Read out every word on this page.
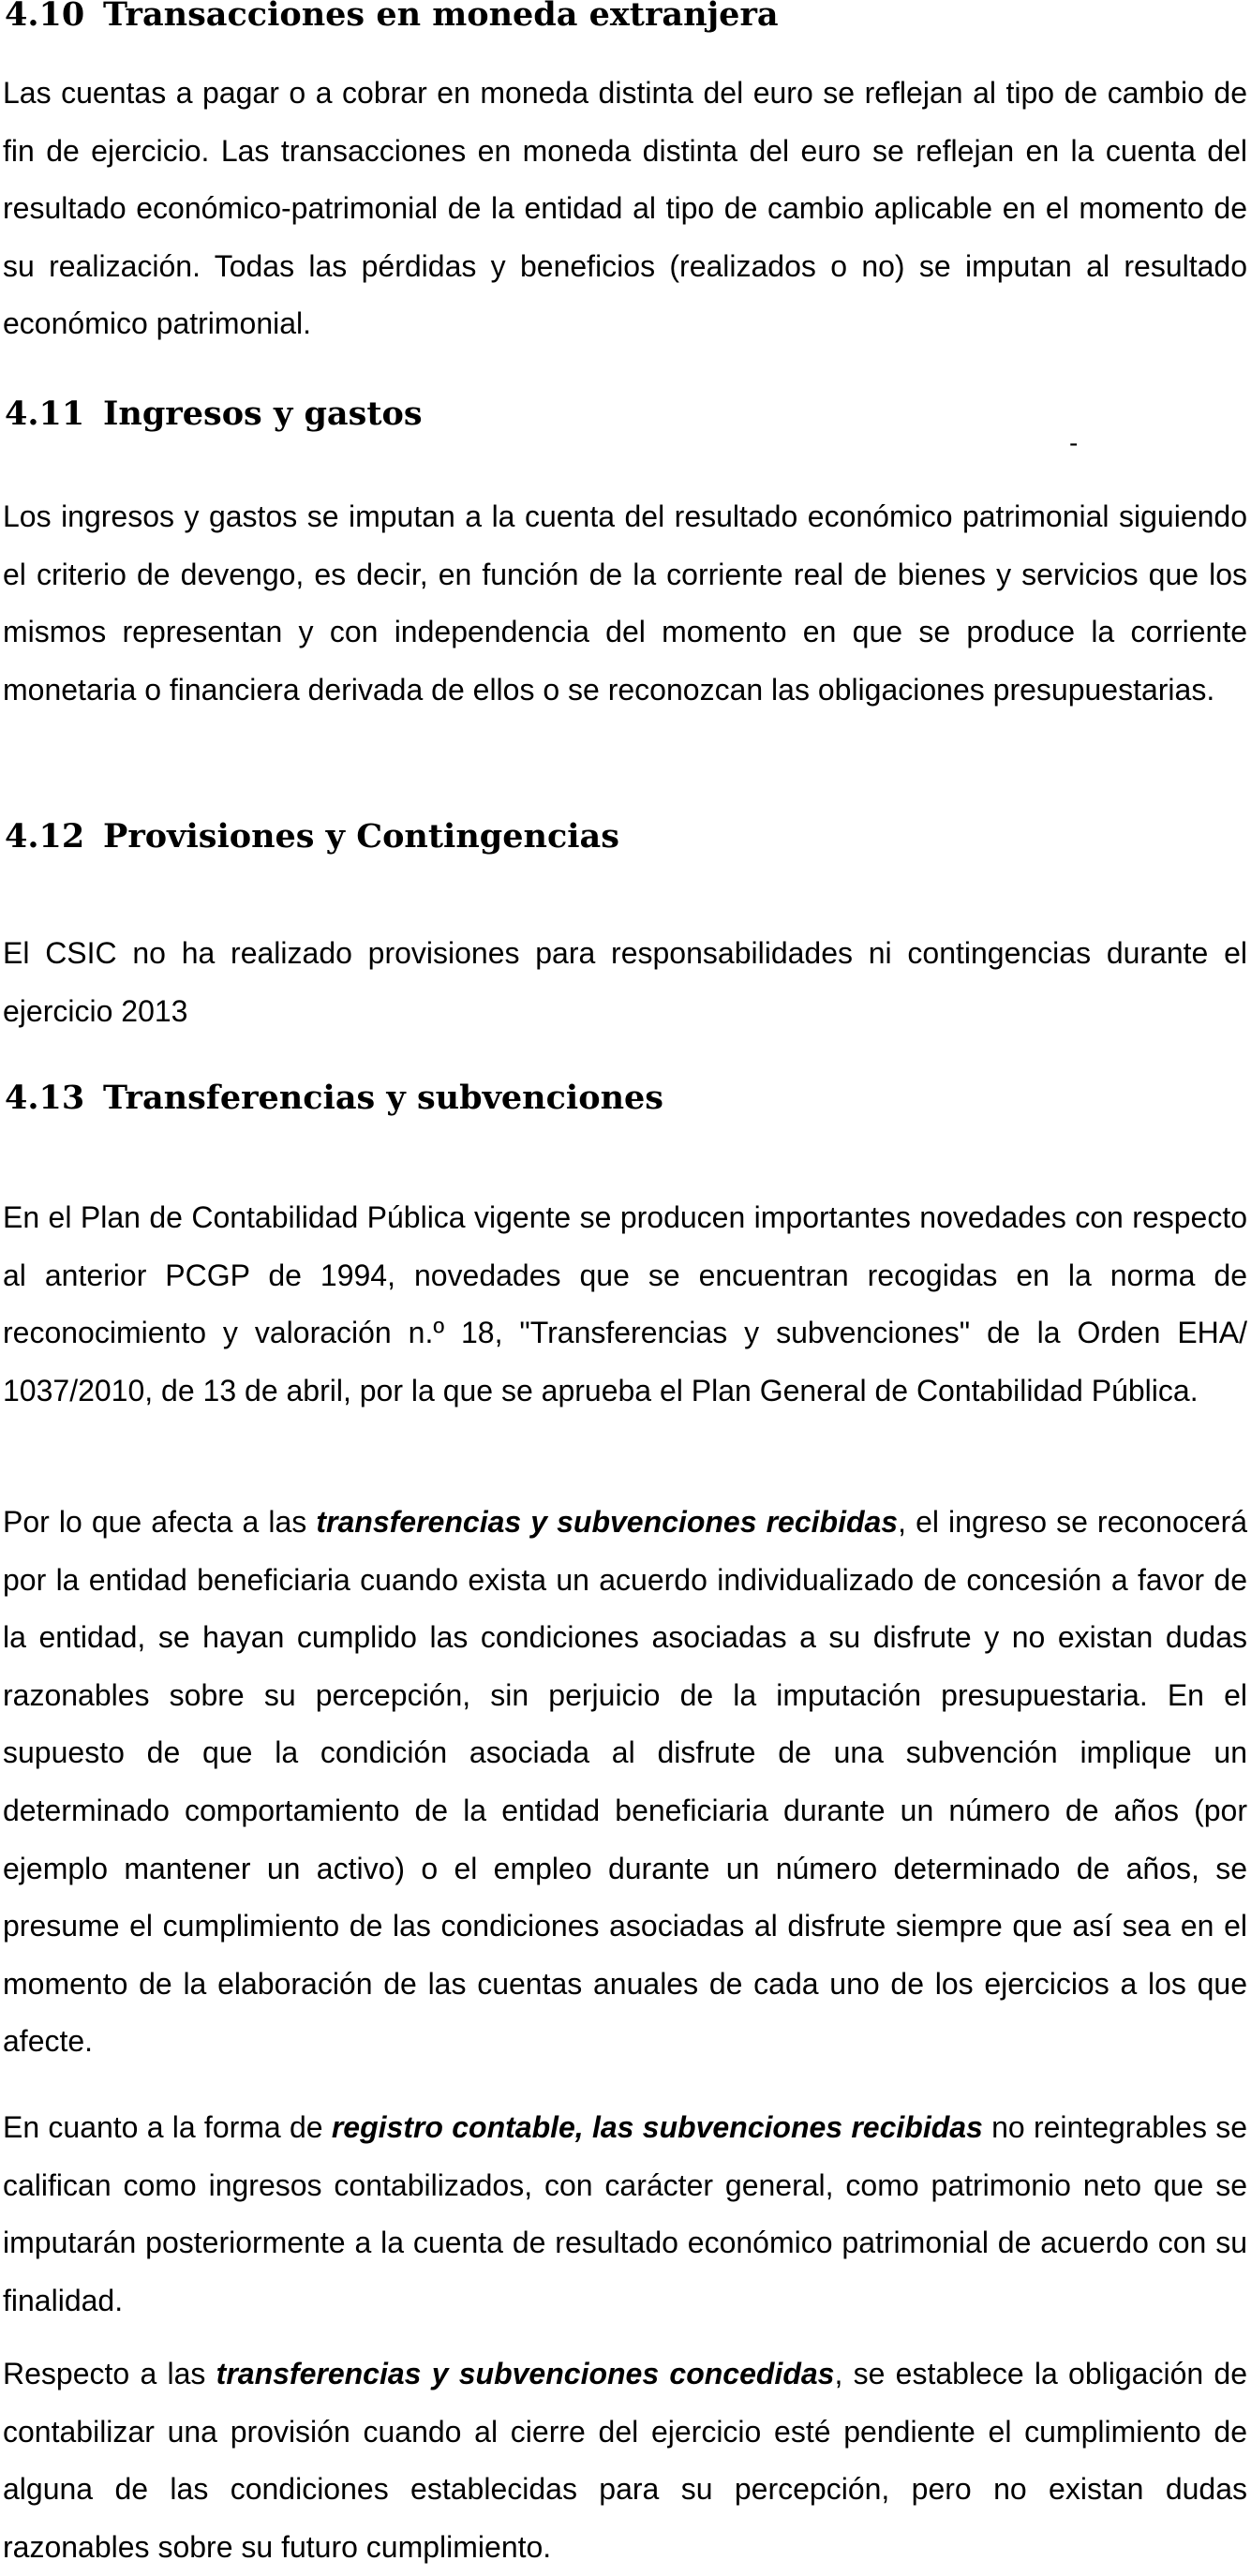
4.10 Transacciones en moneda extranjera

Las cuentas a pagar o a cobrar en moneda distinta del euro se reflejan al tipo de cambio de fin de ejercicio. Las transacciones en moneda distinta del euro se reflejan en la cuenta del resultado económico-patrimonial de la entidad al tipo de cambio aplicable en el momento de su realización. Todas las pérdidas y beneficios (realizados o no) se imputan al resultado económico patrimonial.

4.11 Ingresos y gastos
-

Los ingresos y gastos se imputan a la cuenta del resultado económico patrimonial siguiendo el criterio de devengo, es decir, en función de la corriente real de bienes y servicios que los mismos representan y con independencia del momento en que se produce la corriente monetaria o financiera derivada de ellos o se reconozcan las obligaciones presupuestarias.

4.12 Provisiones y Contingencias

El CSIC no ha realizado provisiones para responsabilidades ni contingencias durante el ejercicio 2013

4.13 Transferencias y subvenciones

En el Plan de Contabilidad Pública vigente se producen importantes novedades con respecto al anterior PCGP de 1994, novedades que se encuentran recogidas en la norma de reconocimiento y valoración n.º 18, "Transferencias y subvenciones" de la Orden EHA/ 1037/2010, de 13 de abril, por la que se aprueba el Plan General de Contabilidad Pública.

Por lo que afecta a las transferencias y subvenciones recibidas, el ingreso se reconocerá por la entidad beneficiaria cuando exista un acuerdo individualizado de concesión a favor de la entidad, se hayan cumplido las condiciones asociadas a su disfrute y no existan dudas razonables sobre su percepción, sin perjuicio de la imputación presupuestaria. En el supuesto de que la condición asociada al disfrute de una subvención implique un determinado comportamiento de la entidad beneficiaria durante un número de años (por ejemplo mantener un activo) o el empleo durante un número determinado de años, se presume el cumplimiento de las condiciones asociadas al disfrute siempre que así sea en el momento de la elaboración de las cuentas anuales de cada uno de los ejercicios a los que afecte.

En cuanto a la forma de registro contable, las subvenciones recibidas no reintegrables se califican como ingresos contabilizados, con carácter general, como patrimonio neto que se imputarán posteriormente a la cuenta de resultado económico patrimonial de acuerdo con su finalidad.

Respecto a las transferencias y subvenciones concedidas, se establece la obligación de contabilizar una provisión cuando al cierre del ejercicio esté pendiente el cumplimiento de alguna de las condiciones establecidas para su percepción, pero no existan dudas razonables sobre su futuro cumplimiento.
